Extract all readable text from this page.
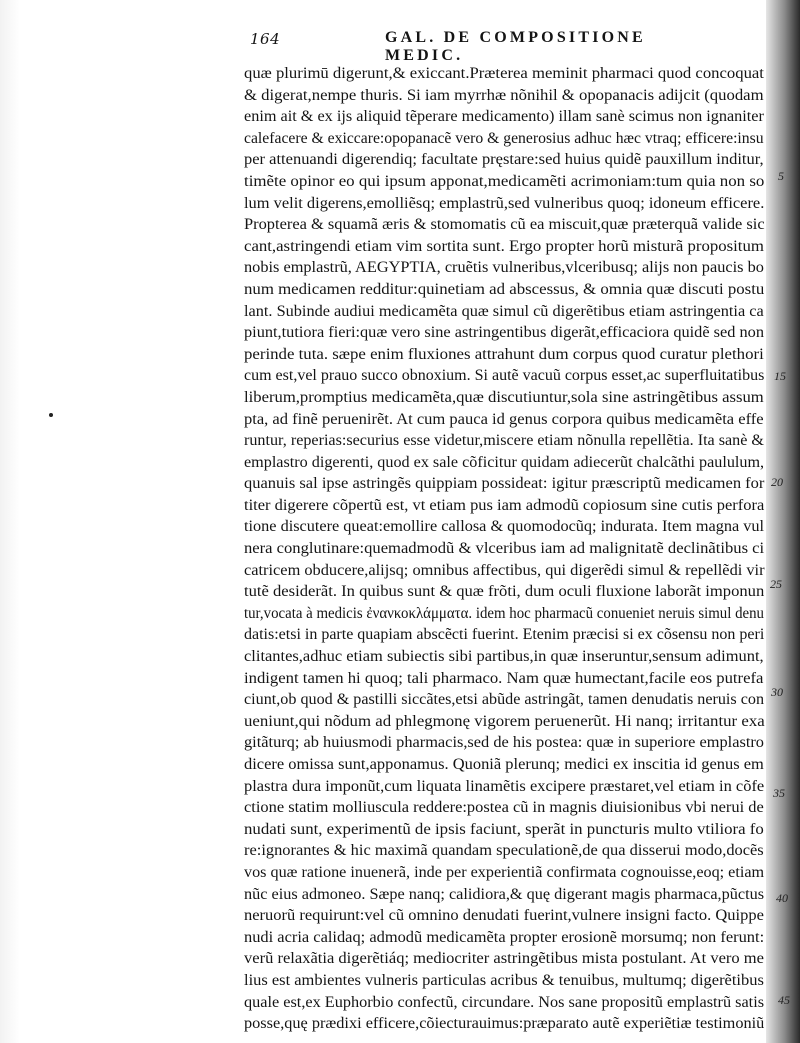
164	GAL. DE COMPOSITIONE MEDIC.
quæ plurimū digerunt,& exiccant.Præterea meminit pharmaci quod concoquat
& digerat,nempe thuris. Si iam myrrhæ nõnihil & opopanacis adijcit (quodam
enim ait & ex ijs aliquid tẽperare medicamento) illam sanè scimus non ignaniter
calefacere & exiccare:opopanacẽ vero & generosius adhuc hæc vtraq; efficere:insu
per attenuandi digerendiq; facultate pręstare:sed huius quidẽ pauxillum inditur,
timẽte opinor eo qui ipsum apponat,medicamẽti acrimoniam:tum quia non so
lum velit digerens,emolliẽsq; emplastrũ,sed vulneribus quoq; idoneum efficere.
Propterea & squamã æris & stomomatis cũ ea miscuit,quæ præterquã valide sic
cant,astringendi etiam vim sortita sunt. Ergo propter horũ misturã propositum
nobis emplastrũ, AEGYPTIA, cruẽtis vulneribus,vlceribusq; alijs non paucis bo
num medicamen redditur:quinetiam ad abscessus, & omnia quæ discuti postu
lant. Subinde audiui medicamẽta quæ simul cũ digerẽtibus etiam astringentia ca
piunt,tutiora fieri:quæ vero sine astringentibus digerãt,efficaciora quidẽ sed non
perinde tuta. sæpe enim fluxiones attrahunt dum corpus quod curatur plethori
cum est,vel prauo succo obnoxium. Si autẽ vacuũ corpus esset,ac superfluitatibus
liberum,promptius medicamẽta,quæ discutiuntur,sola sine astringẽtibus assum
pta, ad finẽ peruenirẽt. At cum pauca id genus corpora quibus medicamẽta effe
runtur, reperias:securius esse videtur,miscere etiam nõnulla repellẽtia. Ita sanè &
emplastro digerenti, quod ex sale cõficitur quidam adiecerũt chalcãthi paululum,
quanuis sal ipse astringẽs quippiam possideat: igitur præscriptũ medicamen for
titer digerere cõpertũ est, vt etiam pus iam admodũ copiosum sine cutis perfora
tione discutere queat:emollire callosa & quomodocũq; indurata. Item magna vul
nera conglutinare:quemadmodũ & vlceribus iam ad malignitatẽ declinãtibus ci
catricem obducere,alijsq; omnibus affectibus, qui digerẽdi simul & repellẽdi vir
tutẽ desiderãt. In quibus sunt & quæ frõti, dum oculi fluxione laborãt imponun
tur,vocata à medicis ἐνανκοκλάμματα. idem hoc pharmacũ conueniet neruis simul denu
datis:etsi in parte quapiam abscẽcti fuerint. Etenim præcisi si ex cõsensu non peri
clitantes,adhuc etiam subiectis sibi partibus,in quæ inseruntur,sensum adimunt,
indigent tamen hi quoq; tali pharmaco. Nam quæ humectant,facile eos putrefa
ciunt,ob quod & pastilli siccãtes,etsi abũde astringãt, tamen denudatis neruis con
ueniunt,qui nõdum ad phlegmonę vigorem peruenerũt. Hi nanq; irritantur exa
gitãturq; ab huiusmodi pharmacis,sed de his postea: quæ in superiore emplastro
dicere omissa sunt,apponamus. Quoniã plerunq; medici ex inscitia id genus em
plastra dura imponũt,cum liquata linamẽtis excipere præstaret,vel etiam in cõfe
ctione statim molliuscula reddere:postea cũ in magnis diuisionibus vbi nerui de
nudati sunt, experimentũ de ipsis faciunt, sperãt in puncturis multo vtiliora fo
re:ignorantes & hic maximã quandam speculationẽ,de qua disserui modo,docẽs
vos quæ ratione inuenerã, inde per experientiã confirmata cognouisse,eoq; etiam
nũc eius admoneo. Sæpe nanq; calidiora,& quę digerant magis pharmaca,pũctus
neruorũ requirunt:vel cũ omnino denudati fuerint,vulnere insigni facto. Quippe
nudi acria calidaq; admodũ medicamẽta propter erosionẽ morsumq; non ferunt:
verũ relaxãtia digerẽtiáq; mediocriter astringẽtibus mista postulant. At vero me
lius est ambientes vulneris particulas acribus & tenuibus, multumq; digerẽtibus
quale est,ex Euphorbio confectũ, circundare. Nos sane propositũ emplastrũ satis
posse,quę prædixi efficere,cõiecturauimus:præparato autẽ experiẽtiæ testimoniũ
5
15
20
25
30
35
40
45
